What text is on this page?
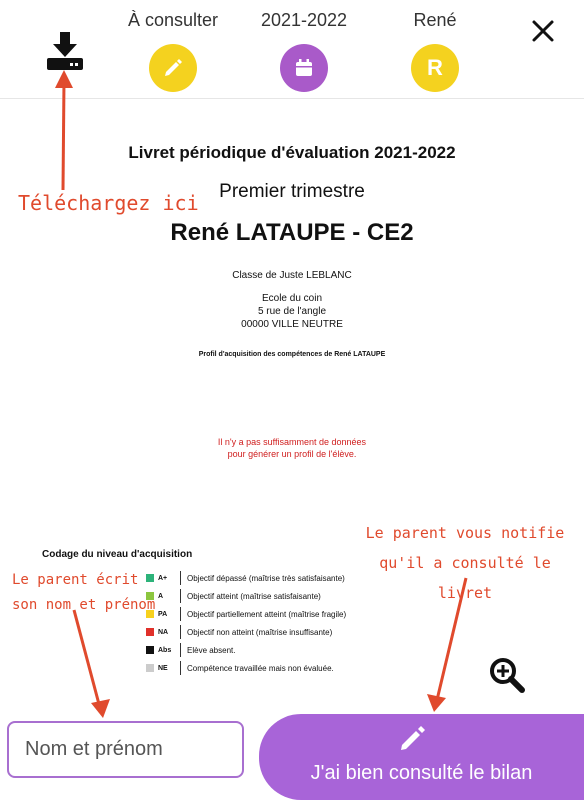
À consulter	2021-2022	René
R
Livret périodique d'évaluation 2021-2022
Premier trimestre
René LATAUPE - CE2
Classe de Juste LEBLANC
Ecole du coin
5 rue de l'angle
00000 VILLE NEUTRE
Profil d'acquisition des compétences de René LATAUPE
Il n'y a pas suffisamment de données
pour générer un profil de l'élève.
Codage du niveau d'acquisition
A+	Objectif dépassé (maîtrise très satisfaisante)
A	Objectif atteint (maîtrise satisfaisante)
PA	Objectif partiellement atteint (maîtrise fragile)
NA	Objectif non atteint (maîtrise insuffisante)
Abs	Elève absent.
NE	Compétence travaillée mais non évaluée.
Téléchargez ici
Le parent vous notifie
qu'il a consulté le livret
Le parent écrit
son nom et prénom
Nom et prénom
J'ai bien consulté le bilan
